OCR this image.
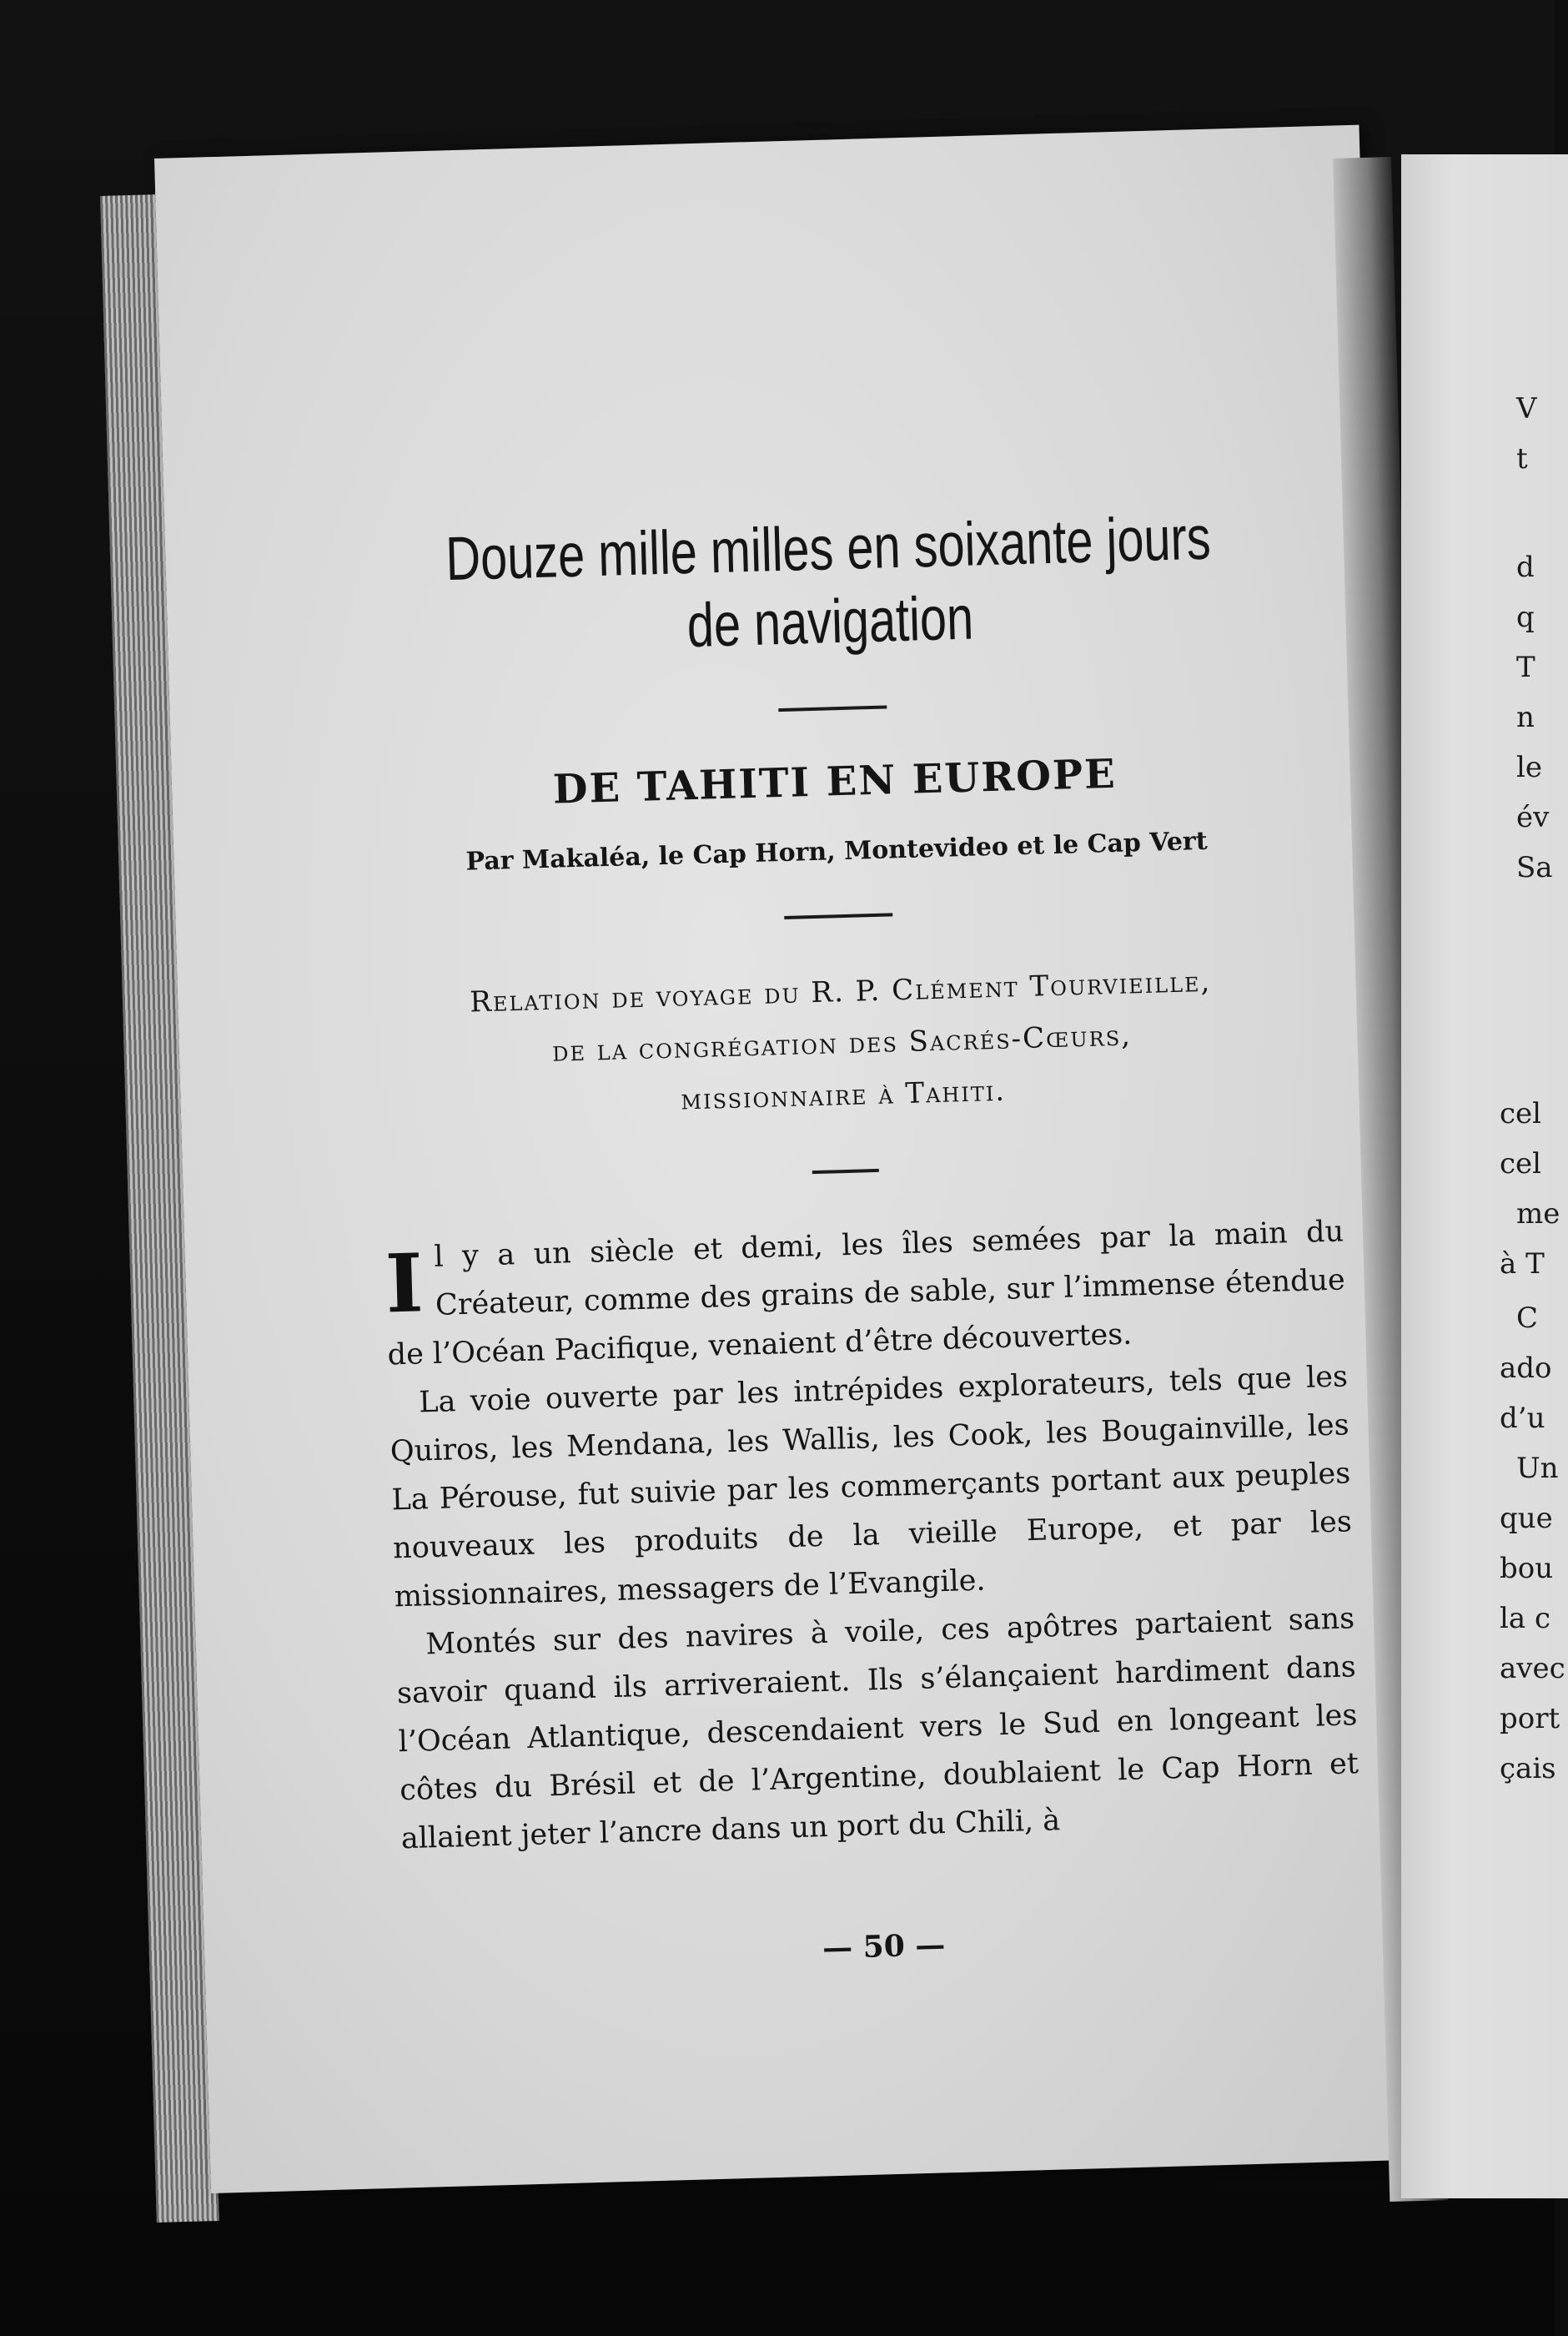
V
t
d
q
T
n
le
év
Sa
cel
cel
me
à T
C
ado
d’u
Un
que
bou
la c
avec
port
çais
Douze mille milles en soixante jours
de navigation
DE TAHITI EN EUROPE
Par Makaléa, le Cap Horn, Montevideo et le Cap Vert
Relation de voyage du R. P. Clément Tourvieille,
de la congrégation des Sacrés-Cœurs,
missionnaire à Tahiti.

Il y a un siècle et demi, les îles semées par la main du Créateur, comme des grains de sable, sur l’immense étendue de l’Océan Pacifique, venaient d’être découvertes.

La voie ouverte par les intrépides explorateurs, tels que les Quiros, les Mendana, les Wallis, les Cook, les Bougainville, les La Pérouse, fut suivie par les commerçants portant aux peuples nouveaux les produits de la vieille Europe, et par les missionnaires, messagers de l’Evangile.

Montés sur des navires à voile, ces apôtres partaient sans savoir quand ils arriveraient. Ils s’élançaient hardiment dans l’Océan Atlantique, descendaient vers le Sud en longeant les côtes du Brésil et de l’Argentine, doublaient le Cap Horn et allaient jeter l’ancre dans un port du Chili, à

— 50 —
